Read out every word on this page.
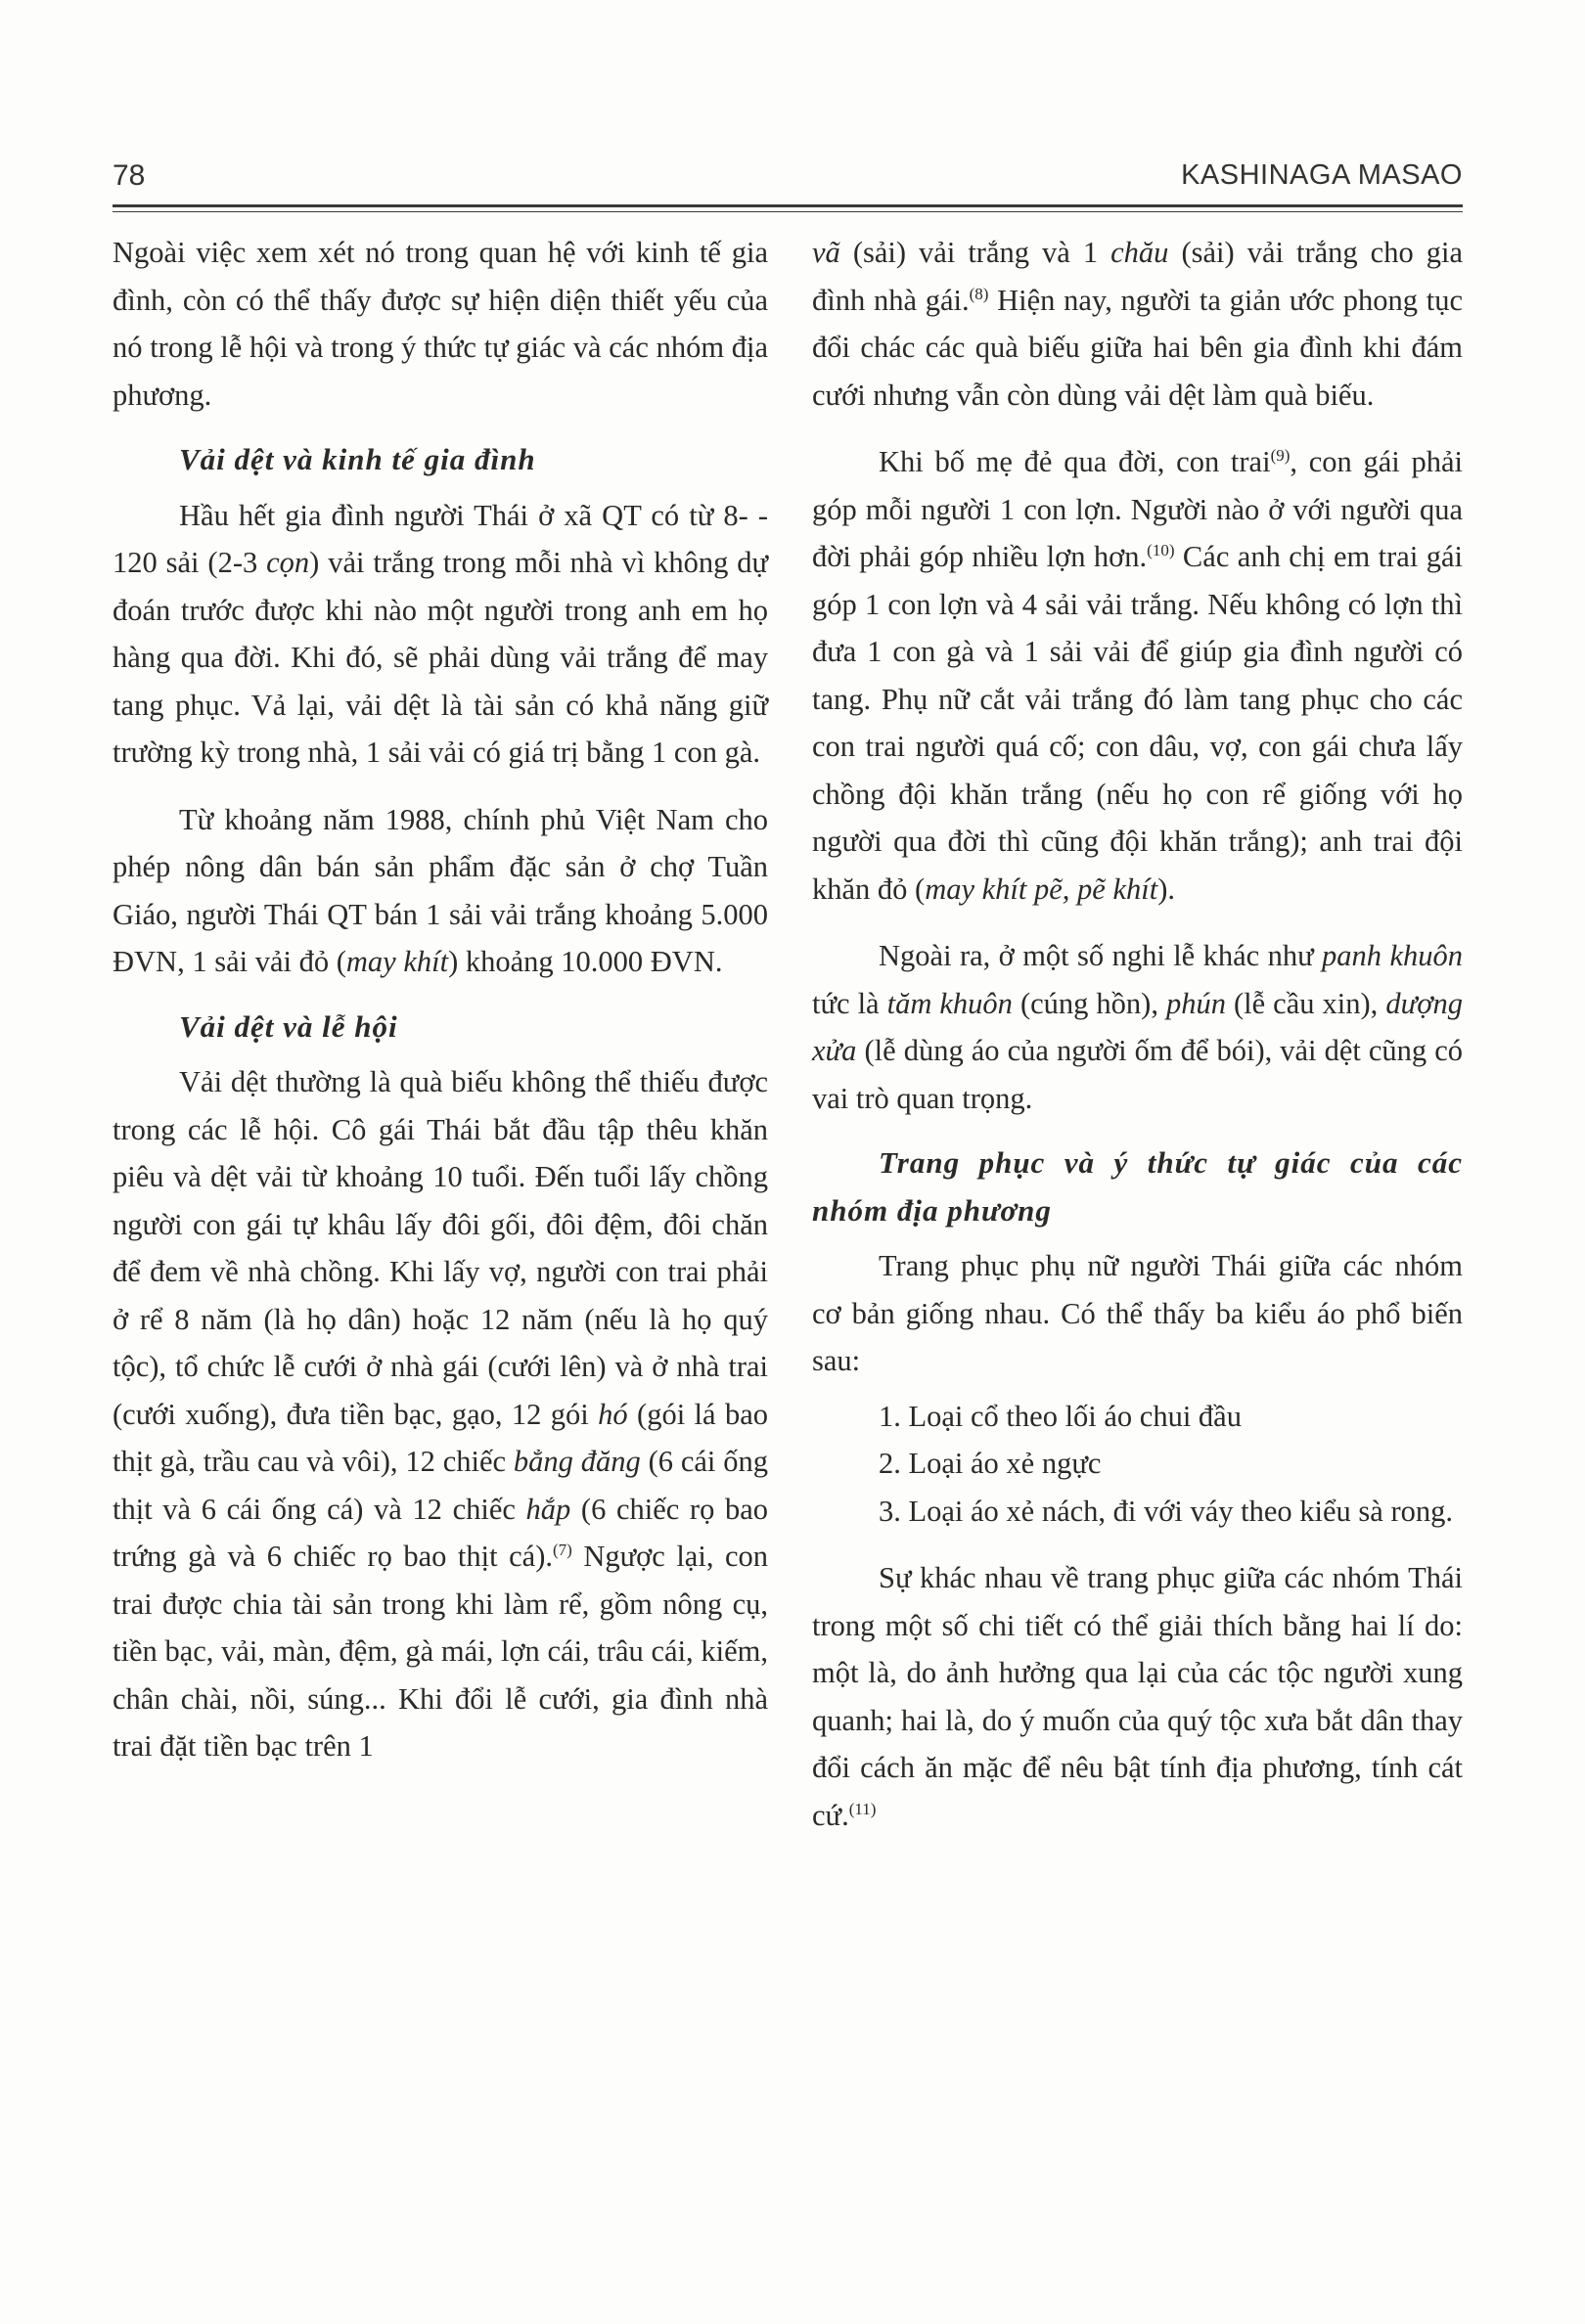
78	KASHINAGA MASAO

Ngoài việc xem xét nó trong quan hệ với kinh tế gia đình, còn có thể thấy được sự hiện diện thiết yếu của nó trong lễ hội và trong ý thức tự giác và các nhóm địa phương.

Vải dệt và kinh tế gia đình

Hầu hết gia đình người Thái ở xã QT có từ 8- - 120 sải (2-3 cọn) vải trắng trong mỗi nhà vì không dự đoán trước được khi nào một người trong anh em họ hàng qua đời. Khi đó, sẽ phải dùng vải trắng để may tang phục. Vả lại, vải dệt là tài sản có khả năng giữ trường kỳ trong nhà, 1 sải vải có giá trị bằng 1 con gà.

Từ khoảng năm 1988, chính phủ Việt Nam cho phép nông dân bán sản phẩm đặc sản ở chợ Tuần Giáo, người Thái QT bán 1 sải vải trắng khoảng 5.000 ĐVN, 1 sải vải đỏ (may khít) khoảng 10.000 ĐVN.

Vải dệt và lễ hội

Vải dệt thường là quà biếu không thể thiếu được trong các lễ hội. Cô gái Thái bắt đầu tập thêu khăn piêu và dệt vải từ khoảng 10 tuổi. Đến tuổi lấy chồng người con gái tự khâu lấy đôi gối, đôi đệm, đôi chăn để đem về nhà chồng. Khi lấy vợ, người con trai phải ở rể 8 năm (là họ dân) hoặc 12 năm (nếu là họ quý tộc), tổ chức lễ cưới ở nhà gái (cưới lên) và ở nhà trai (cưới xuống), đưa tiền bạc, gạo, 12 gói hó (gói lá bao thịt gà, trầu cau và vôi), 12 chiếc bẳng đăng (6 cái ống thịt và 6 cái ống cá) và 12 chiếc hắp (6 chiếc rọ bao trứng gà và 6 chiếc rọ bao thịt cá).$^{(7)}$ Ngược lại, con trai được chia tài sản trong khi làm rể, gồm nông cụ, tiền bạc, vải, màn, đệm, gà mái, lợn cái, trâu cái, kiếm, chân chài, nồi, súng... Khi đổi lễ cưới, gia đình nhà trai đặt tiền bạc trên 1

vã (sải) vải trắng và 1 chău (sải) vải trắng cho gia đình nhà gái.$^{(8)}$ Hiện nay, người ta giản ước phong tục đổi chác các quà biếu giữa hai bên gia đình khi đám cưới nhưng vẫn còn dùng vải dệt làm quà biếu.

Khi bố mẹ đẻ qua đời, con trai$^{(9)}$, con gái phải góp mỗi người 1 con lợn. Người nào ở với người qua đời phải góp nhiều lợn hơn.$^{(10)}$ Các anh chị em trai gái góp 1 con lợn và 4 sải vải trắng. Nếu không có lợn thì đưa 1 con gà và 1 sải vải để giúp gia đình người có tang. Phụ nữ cắt vải trắng đó làm tang phục cho các con trai người quá cố; con dâu, vợ, con gái chưa lấy chồng đội khăn trắng (nếu họ con rể giống với họ người qua đời thì cũng đội khăn trắng); anh trai đội khăn đỏ (may khít pẽ, pẽ khít).

Ngoài ra, ở một số nghi lễ khác như panh khuôn tức là tăm khuôn (cúng hồn), phún (lễ cầu xin), dượng xửa (lễ dùng áo của người ốm để bói), vải dệt cũng có vai trò quan trọng.

Trang phục và ý thức tự giác của các nhóm địa phương

Trang phục phụ nữ người Thái giữa các nhóm cơ bản giống nhau. Có thể thấy ba kiểu áo phổ biến sau:

1. Loại cổ theo lối áo chui đầu

2. Loại áo xẻ ngực

3. Loại áo xẻ nách, đi với váy theo kiểu sà rong.

Sự khác nhau về trang phục giữa các nhóm Thái trong một số chi tiết có thể giải thích bằng hai lí do: một là, do ảnh hưởng qua lại của các tộc người xung quanh; hai là, do ý muốn của quý tộc xưa bắt dân thay đổi cách ăn mặc để nêu bật tính địa phương, tính cát cứ.$^{(11)}$
